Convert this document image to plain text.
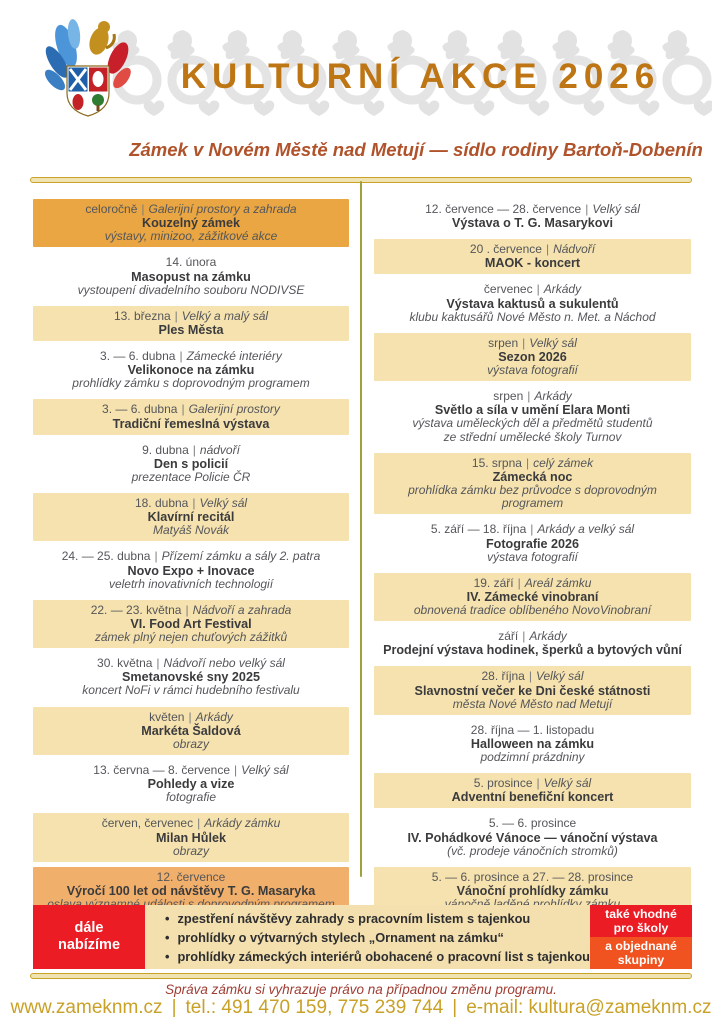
KULTURNÍ AKCE 2026
Zámek v Novém Městě nad Metují — sídlo rodiny Bartoň-Dobenín
celoročně | Galerijní prostory a zahrada
Kouzelný zámek
výstavy, minizoo, zážitkové akce
14. února
Masopust na zámku
vystoupení divadelního souboru NODIVSE
13. března | Velký a malý sál
Ples Města
3. — 6. dubna | Zámecké interiéry
Velikonoce na zámku
prohlídky zámku s doprovodným programem
3. — 6. dubna | Galerijní prostory
Tradiční řemeslná výstava
9. dubna | nádvoří
Den s policií
prezentace Policie ČR
18. dubna | Velký sál
Klavírní recitál
Matyáš Novák
24. — 25. dubna | Přízemí zámku a sály 2. patra
Novo Expo + Inovace
veletrh inovativních technologií
22. — 23. května | Nádvoří a zahrada
VI. Food Art Festival
zámek plný nejen chuťových zážitků
30. května | Nádvoří nebo velký sál
Smetanovské sny 2025
koncert NoFi v rámci hudebního festivalu
květen | Arkády
Markéta Šaldová
obrazy
13. června — 8. července | Velký sál
Pohledy a vize
fotografie
červen, červenec | Arkády zámku
Milan Hůlek
obrazy
12. července
Výročí 100 let od návštěvy T. G. Masaryka
12. července — 28. července | Velký sál
Výstava o T. G. Masarykovi
20 . července | Nádvoří
MAOK - koncert
červenec | Arkády
Výstava kaktusů a sukulentů
klubu kaktusářů Nové Město n. Met. a Náchod
srpen | Velký sál
Sezon 2026
výstava fotografií
srpen | Arkády
Světlo a síla v umění Elara Monti
výstava uměleckých děl a předmětů studentů
ze střední umělecké školy Turnov
15. srpna | celý zámek
Zámecká noc
prohlídka zámku bez průvodce s doprovodným programem
5. září — 18. října | Arkády a velký sál
Fotografie 2026
výstava fotografií
19. září | Areál zámku
IV. Zámecké vinobraní
obnovená tradice oblíbeného NovoVinobraní
září | Arkády
Prodejní výstava hodinek, šperků a bytových vůní
28. října | Velký sál
Slavnostní večer ke Dni české státnosti
města Nové Město nad Metují
28. října — 1. listopadu
Halloween na zámku
podzimní prázdniny
5. prosince | Velký sál
Adventní benefiční koncert
5. — 6. prosince
IV. Pohádkové Vánoce — vánoční výstava
(vč. prodeje vánočních stromků)
5. — 6. prosince a 27. — 28. prosince
Vánoční prohlídky zámku
dále nabízíme
• zpestření návštěvy zahrady s pracovním listem s tajenkou
• prohlídky o výtvarných stylech „Ornament na zámku“
• prohlídky zámeckých interiérů obohacené o pracovní list s tajenkou
také vhodné pro školy
a objednané skupiny
Správa zámku si vyhrazuje právo na případnou změnu programu.
www.zameknm.cz | tel.: 491 470 159, 775 239 744 | e-mail: kultura@zameknm.cz
